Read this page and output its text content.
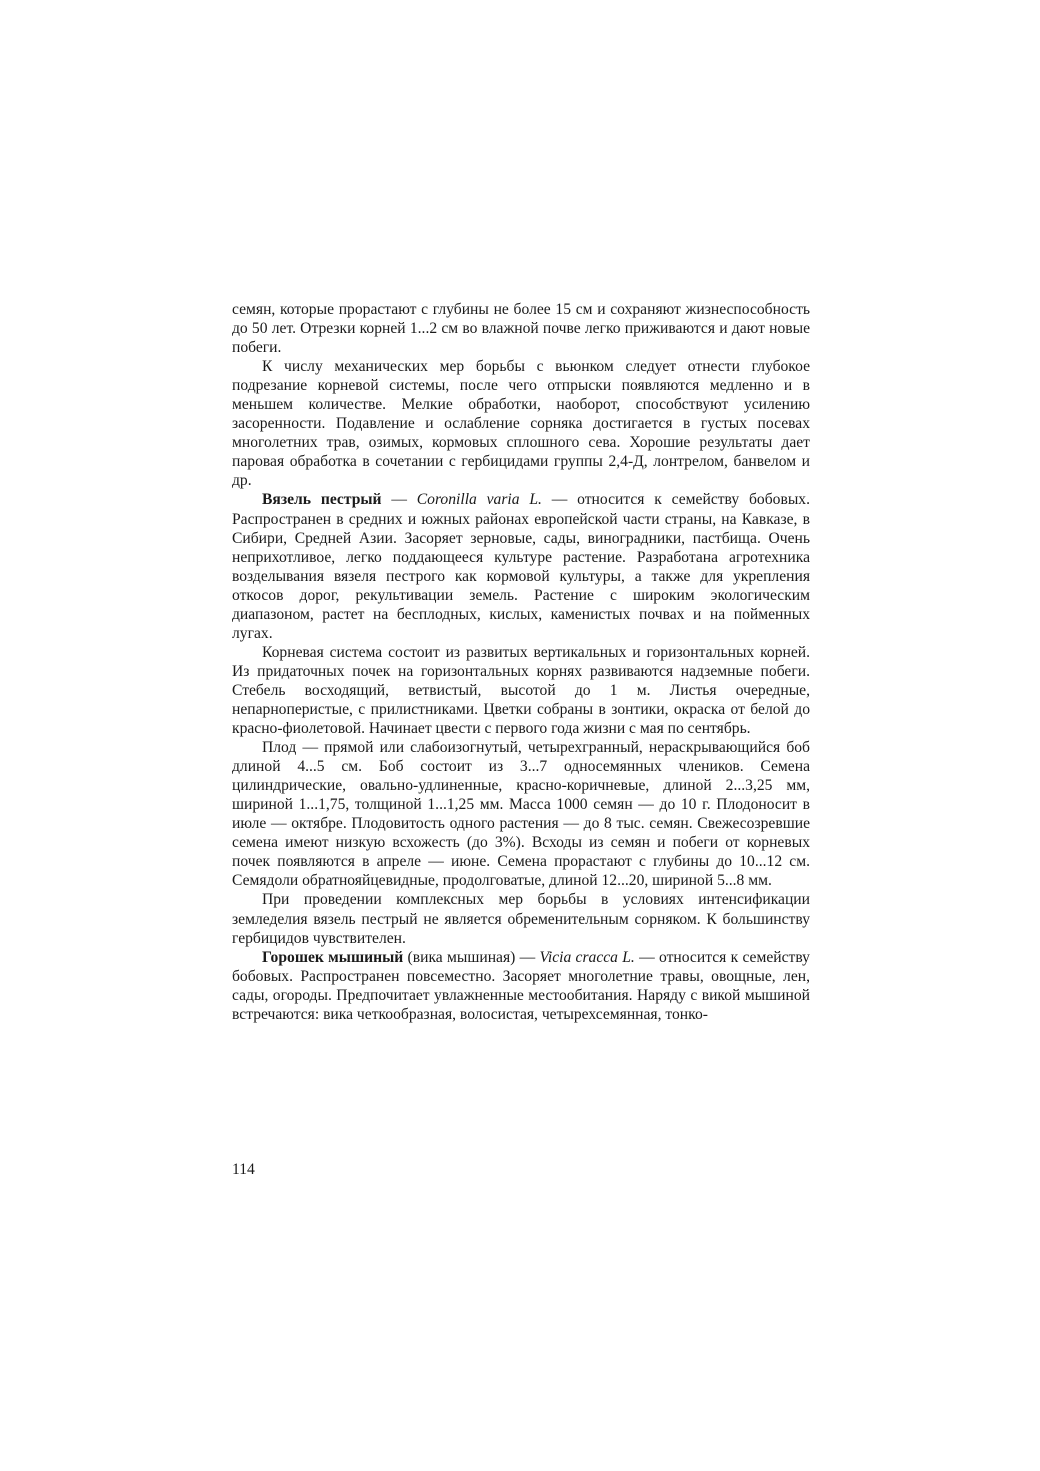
семян, которые прорастают с глубины не более 15 см и сохраняют жизнеспособность до 50 лет. Отрезки корней 1...2 см во влажной почве легко приживаются и дают новые побеги.

К числу механических мер борьбы с вьюнком следует отнести глубокое подрезание корневой системы, после чего отпрыски появляются медленно и в меньшем количестве. Мелкие обработки, наоборот, способствуют усилению засоренности. Подавление и ослабление сорняка достигается в густых посевах многолетних трав, озимых, кормовых сплошного сева. Хорошие результаты дает паровая обработка в сочетании с гербицидами группы 2,4-Д, лонтрелом, банвелом и др.

Вязель пестрый — Coronilla varia L. — относится к семейству бобовых. Распространен в средних и южных районах европейской части страны, на Кавказе, в Сибири, Средней Азии. Засоряет зерновые, сады, виноградники, пастбища. Очень неприхотливое, легко поддающееся культуре растение. Разработана агротехника возделывания вязеля пестрого как кормовой культуры, а также для укрепления откосов дорог, рекультивации земель. Растение с широким экологическим диапазоном, растет на бесплодных, кислых, каменистых почвах и на пойменных лугах.

Корневая система состоит из развитых вертикальных и горизонтальных корней. Из придаточных почек на горизонтальных корнях развиваются надземные побеги. Стебель восходящий, ветвистый, высотой до 1 м. Листья очередные, непарноперистые, с прилистниками. Цветки собраны в зонтики, окраска от белой до красно-фиолетовой. Начинает цвести с первого года жизни с мая по сентябрь.

Плод — прямой или слабоизогнутый, четырехгранный, нераскрывающийся боб длиной 4...5 см. Боб состоит из 3...7 односемянных члеников. Семена цилиндрические, овально-удлиненные, красно-коричневые, длиной 2...3,25 мм, шириной 1...1,75, толщиной 1...1,25 мм. Масса 1000 семян — до 10 г. Плодоносит в июле — октябре. Плодовитость одного растения — до 8 тыс. семян. Свежесозревшие семена имеют низкую всхожесть (до 3%). Всходы из семян и побеги от корневых почек появляются в апреле — июне. Семена прорастают с глубины до 10...12 см. Семядоли обратнояйцевидные, продолговатые, длиной 12...20, шириной 5...8 мм.

При проведении комплексных мер борьбы в условиях интенсификации земледелия вязель пестрый не является обременительным сорняком. К большинству гербицидов чувствителен.

Горошек мышиный (вика мышиная) — Vicia cracca L. — относится к семейству бобовых. Распространен повсеместно. Засоряет многолетние травы, овощные, лен, сады, огороды. Предпочитает увлажненные местообитания. Наряду с викой мышиной встречаются: вика четкообразная, волосистая, четырехсемянная, тонко-

114
